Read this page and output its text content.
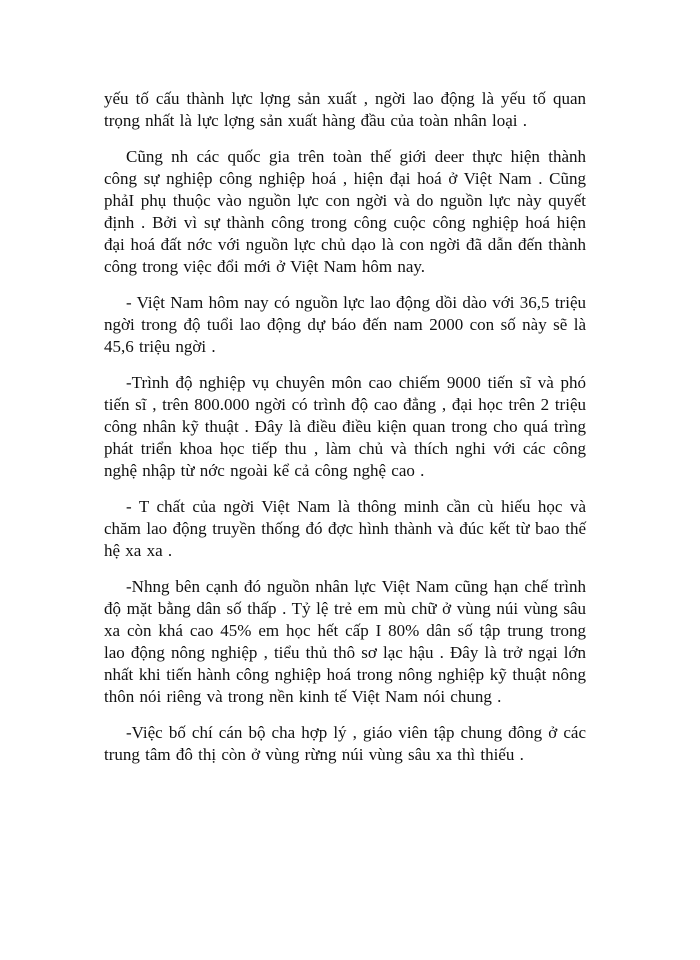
yếu tố cấu thành lực lợng sản xuất , ngời lao động là yếu tố quan trọng nhất là lực lợng sản xuất hàng đầu của toàn nhân loại .

Cũng nh các quốc gia trên toàn thế giới deer thực hiện thành công sự nghiệp công nghiệp hoá , hiện đại hoá ở Việt Nam . Cũng phảI phụ thuộc vào nguồn lực con ngời và do nguồn lực này quyết định . Bởi vì sự thành công trong công cuộc công nghiệp hoá hiện đại hoá đất nớc với nguồn lực chủ dạo là con ngời đã dẫn đến thành công trong việc đổi mới ở Việt Nam hôm nay.

- Việt Nam hôm nay có nguồn lực lao động dồi dào với 36,5 triệu ngời trong độ tuổi lao động dự báo đến nam 2000 con số này sẽ là 45,6 triệu ngời .

-Trình độ nghiệp vụ chuyên môn cao chiếm 9000 tiến sĩ và phó tiến sĩ , trên 800.000 ngời có trình độ cao đẳng , đại học trên 2 triệu công nhân kỹ thuật . Đây là điều điều kiện quan trong cho quá trìng phát triển khoa học tiếp thu , làm chủ và thích nghi với các công nghệ nhập từ nớc ngoài kể cả công nghệ cao .

- T chất của ngời Việt Nam là thông minh cần cù hiếu học và chăm lao động truyền thống đó đợc hình thành và đúc kết từ bao thế hệ xa xa .

-Nhng bên cạnh đó nguồn nhân lực Việt Nam cũng hạn chế trình độ mặt bằng dân số thấp . Tỷ lệ trẻ em mù chữ ở vùng núi vùng sâu xa còn khá cao 45% em học hết cấp I 80% dân số tập trung trong lao động nông nghiệp , tiểu thủ thô sơ lạc hậu . Đây là trở ngại lớn nhất khi tiến hành công nghiệp hoá trong nông nghiệp kỹ thuật nông thôn nói riêng và trong nền kinh tế Việt Nam nói chung .

-Việc bố chí cán bộ cha hợp lý , giáo viên tập chung đông ở các trung tâm đô thị còn ở vùng rừng núi vùng sâu xa thì thiếu .
